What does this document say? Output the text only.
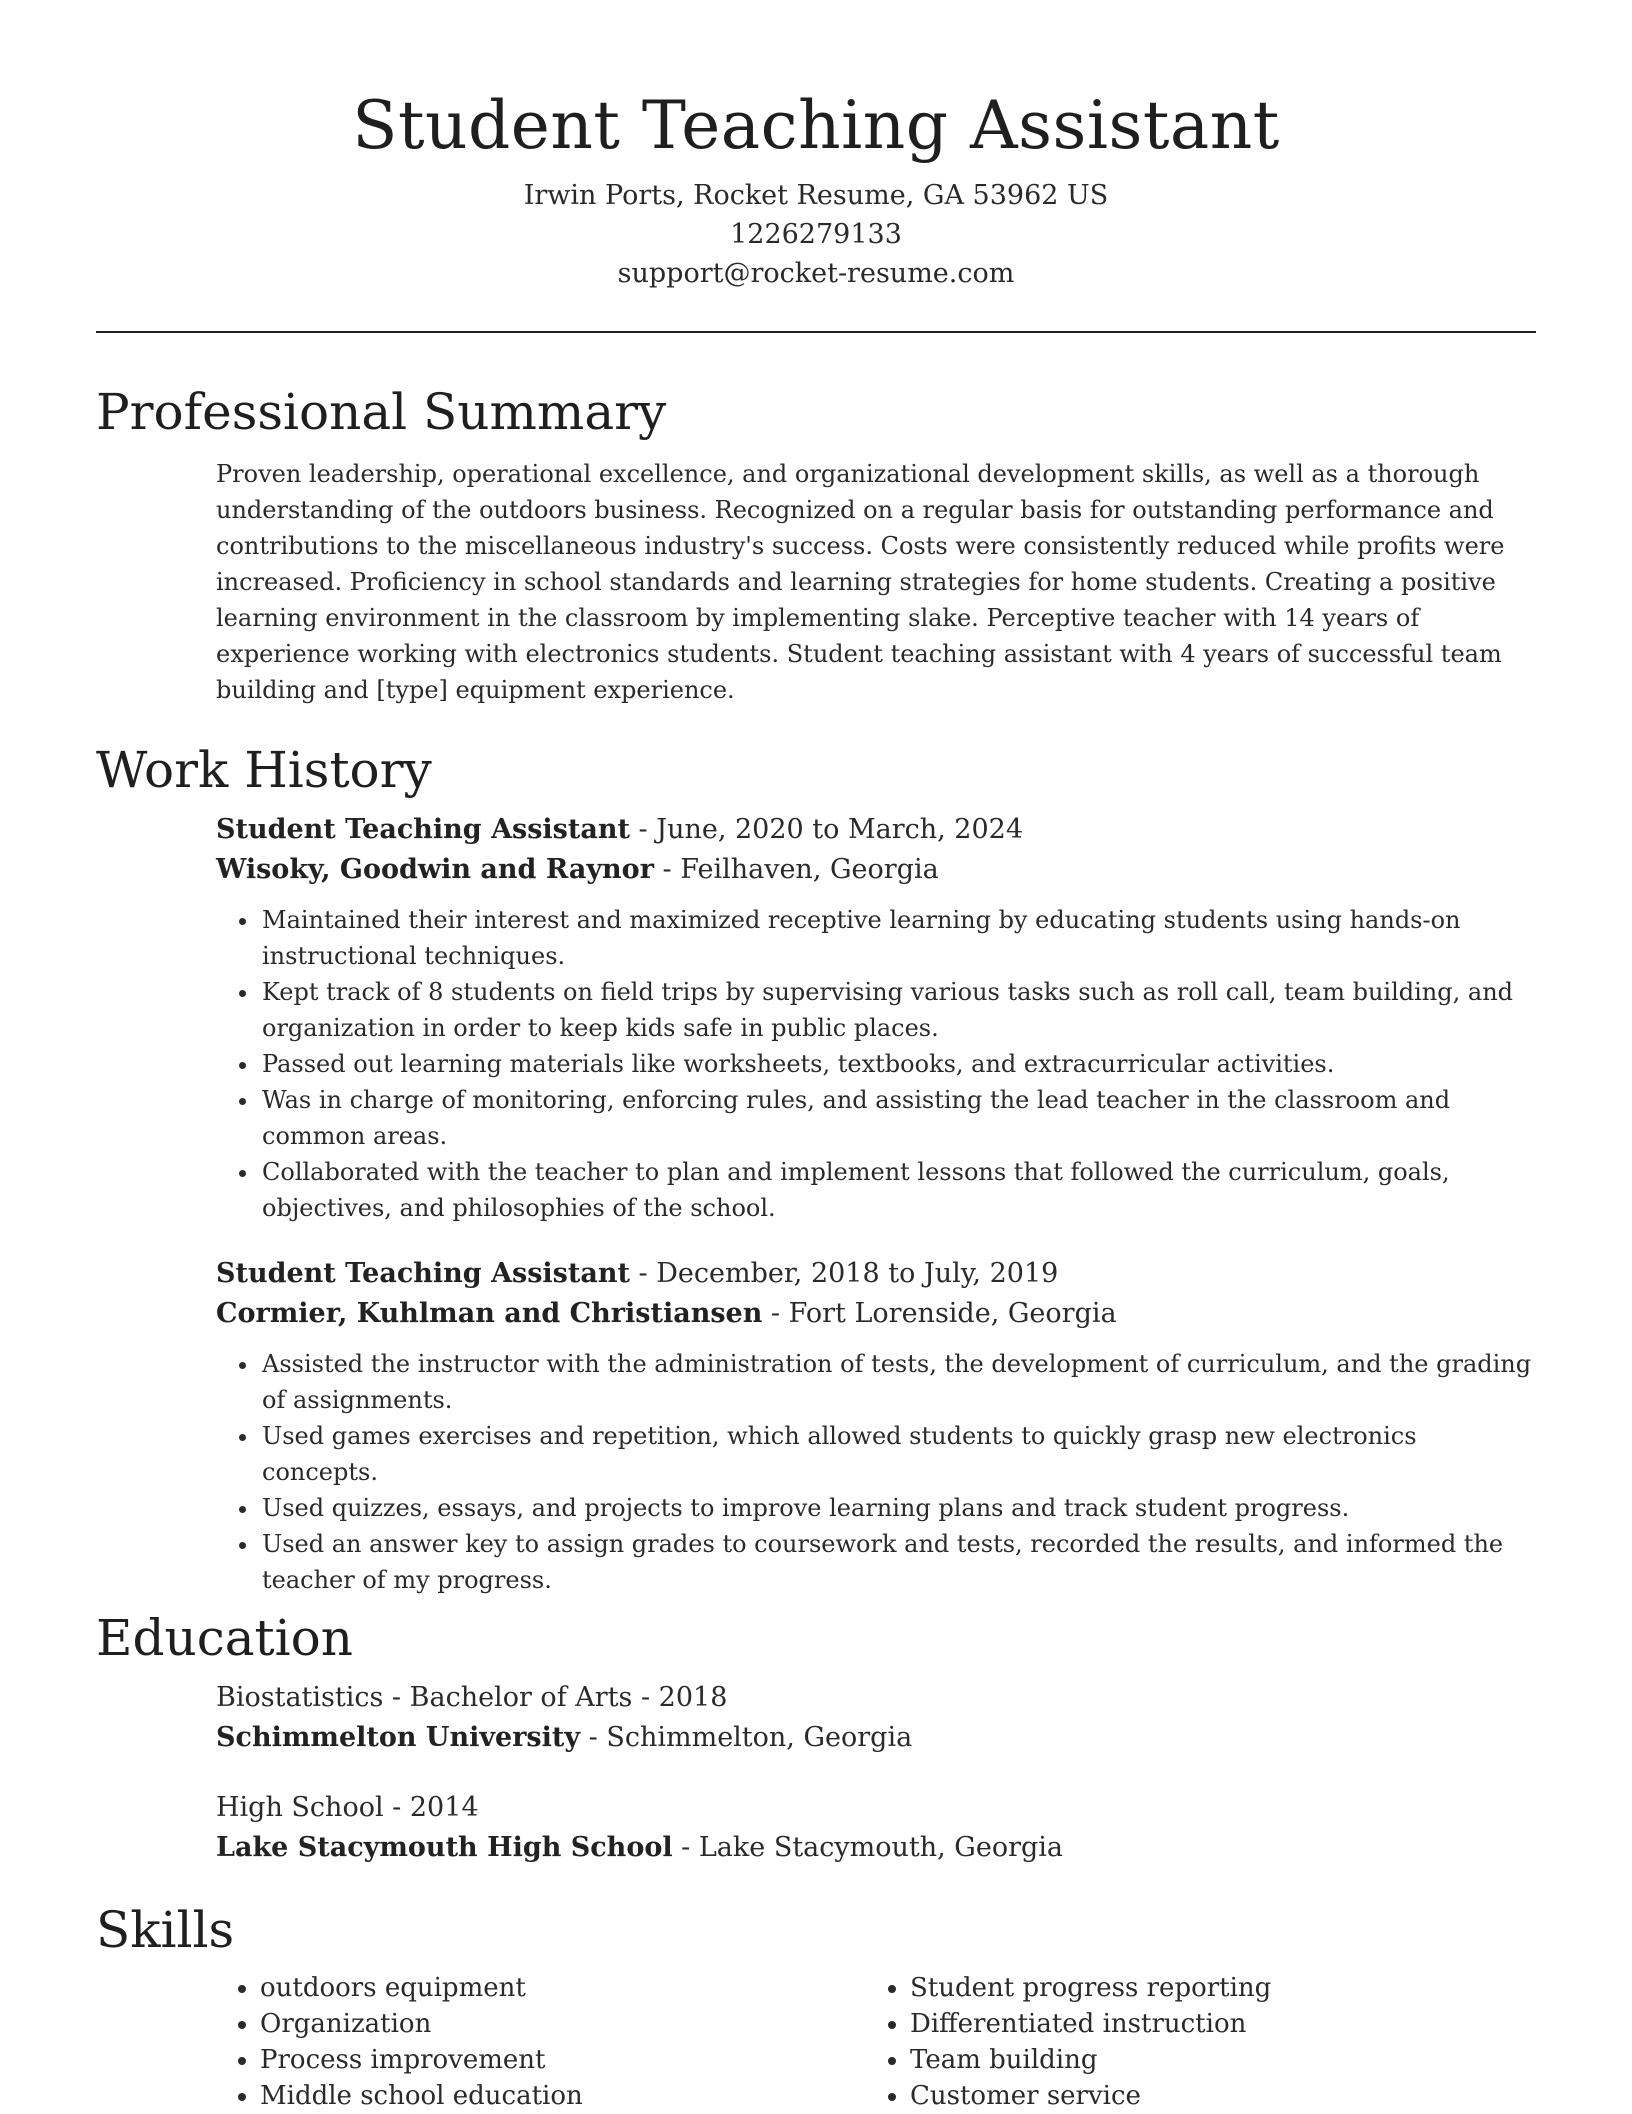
Student Teaching Assistant
Irwin Ports, Rocket Resume, GA 53962 US
1226279133
support@rocket-resume.com
Professional Summary
Proven leadership, operational excellence, and organizational development skills, as well as a thorough understanding of the outdoors business. Recognized on a regular basis for outstanding performance and contributions to the miscellaneous industry's success. Costs were consistently reduced while profits were increased. Proficiency in school standards and learning strategies for home students. Creating a positive learning environment in the classroom by implementing slake. Perceptive teacher with 14 years of experience working with electronics students. Student teaching assistant with 4 years of successful team building and [type] equipment experience.
Work History
Student Teaching Assistant - June, 2020 to March, 2024
Wisoky, Goodwin and Raynor - Feilhaven, Georgia
• Maintained their interest and maximized receptive learning by educating students using hands-on instructional techniques.
• Kept track of 8 students on field trips by supervising various tasks such as roll call, team building, and organization in order to keep kids safe in public places.
• Passed out learning materials like worksheets, textbooks, and extracurricular activities.
• Was in charge of monitoring, enforcing rules, and assisting the lead teacher in the classroom and common areas.
• Collaborated with the teacher to plan and implement lessons that followed the curriculum, goals, objectives, and philosophies of the school.
Student Teaching Assistant - December, 2018 to July, 2019
Cormier, Kuhlman and Christiansen - Fort Lorenside, Georgia
• Assisted the instructor with the administration of tests, the development of curriculum, and the grading of assignments.
• Used games exercises and repetition, which allowed students to quickly grasp new electronics concepts.
• Used quizzes, essays, and projects to improve learning plans and track student progress.
• Used an answer key to assign grades to coursework and tests, recorded the results, and informed the teacher of my progress.
Education
Biostatistics - Bachelor of Arts - 2018
Schimmelton University - Schimmelton, Georgia
High School - 2014
Lake Stacymouth High School - Lake Stacymouth, Georgia
Skills
• outdoors equipment
• Organization
• Process improvement
• Middle school education
• Student progress reporting
• Differentiated instruction
• Team building
• Customer service
